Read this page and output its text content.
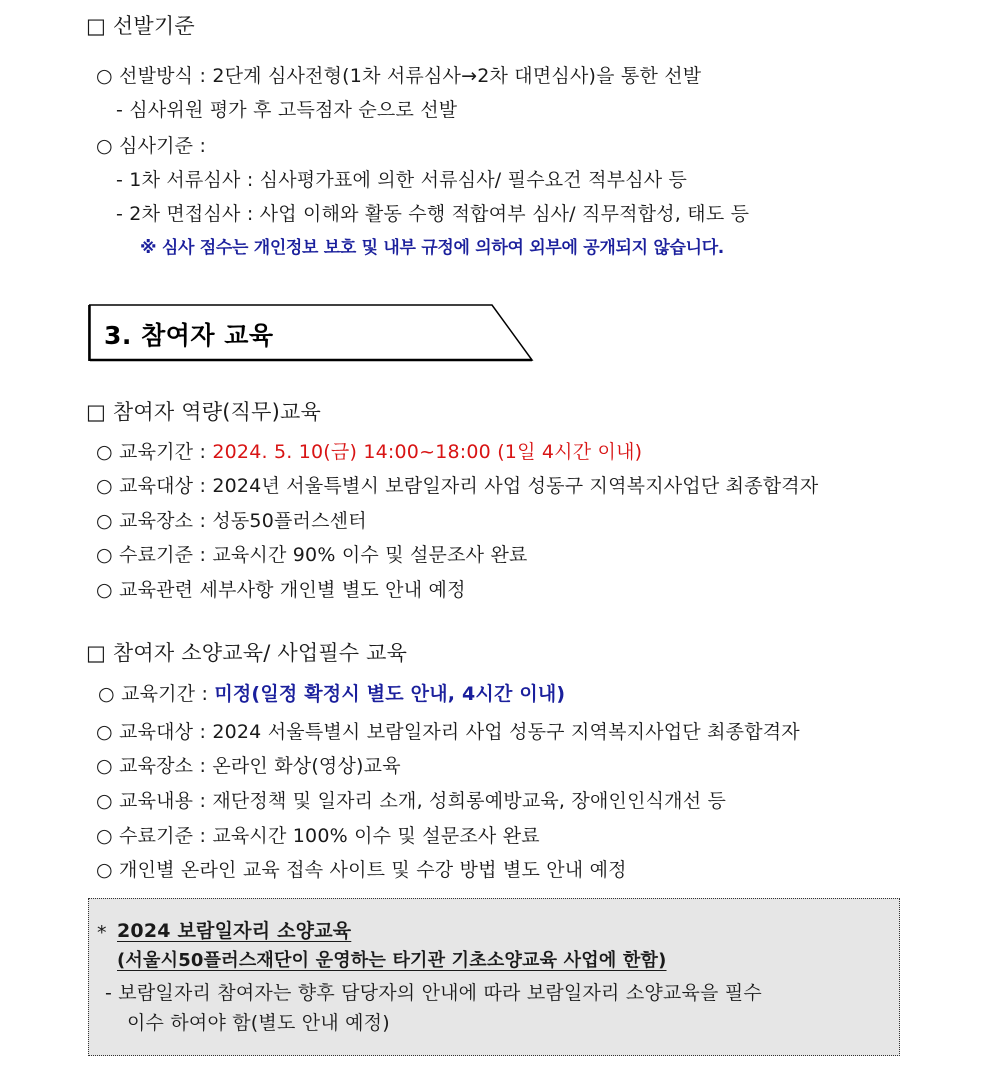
□ 선발기준
○ 선발방식 : 2단계 심사전형(1차 서류심사→2차 대면심사)을 통한 선발
- 심사위원 평가 후 고득점자 순으로 선발
○ 심사기준 :
- 1차 서류심사 : 심사평가표에 의한 서류심사/ 필수요건 적부심사 등
- 2차 면접심사 : 사업 이해와 활동 수행 적합여부 심사/ 직무적합성, 태도 등
※ 심사 점수는 개인정보 보호 및 내부 규정에 의하여 외부에 공개되지 않습니다.
3. 참여자 교육
□ 참여자 역량(직무)교육
○ 교육기간 : 2024. 5. 10(금) 14:00~18:00 (1일 4시간 이내)
○ 교육대상 : 2024년 서울특별시 보람일자리 사업 성동구 지역복지사업단 최종합격자
○ 교육장소 : 성동50플러스센터
○ 수료기준 : 교육시간 90% 이수 및 설문조사 완료
○ 교육관련 세부사항 개인별 별도 안내 예정
□ 참여자 소양교육/ 사업필수 교육
○ 교육기간 : 미정(일정 확정시 별도 안내, 4시간 이내)
○ 교육대상 : 2024 서울특별시 보람일자리 사업 성동구 지역복지사업단 최종합격자
○ 교육장소 : 온라인 화상(영상)교육
○ 교육내용 : 재단정책 및 일자리 소개, 성희롱예방교육, 장애인인식개선 등
○ 수료기준 : 교육시간 100% 이수 및 설문조사 완료
○ 개인별 온라인 교육 접속 사이트 및 수강 방법 별도 안내 예정
* 2024 보람일자리 소양교육
(서울시50플러스재단이 운영하는 타기관 기초소양교육 사업에 한함)
- 보람일자리 참여자는 향후 담당자의 안내에 따라 보람일자리 소양교육을 필수
이수 하여야 함(별도 안내 예정)
